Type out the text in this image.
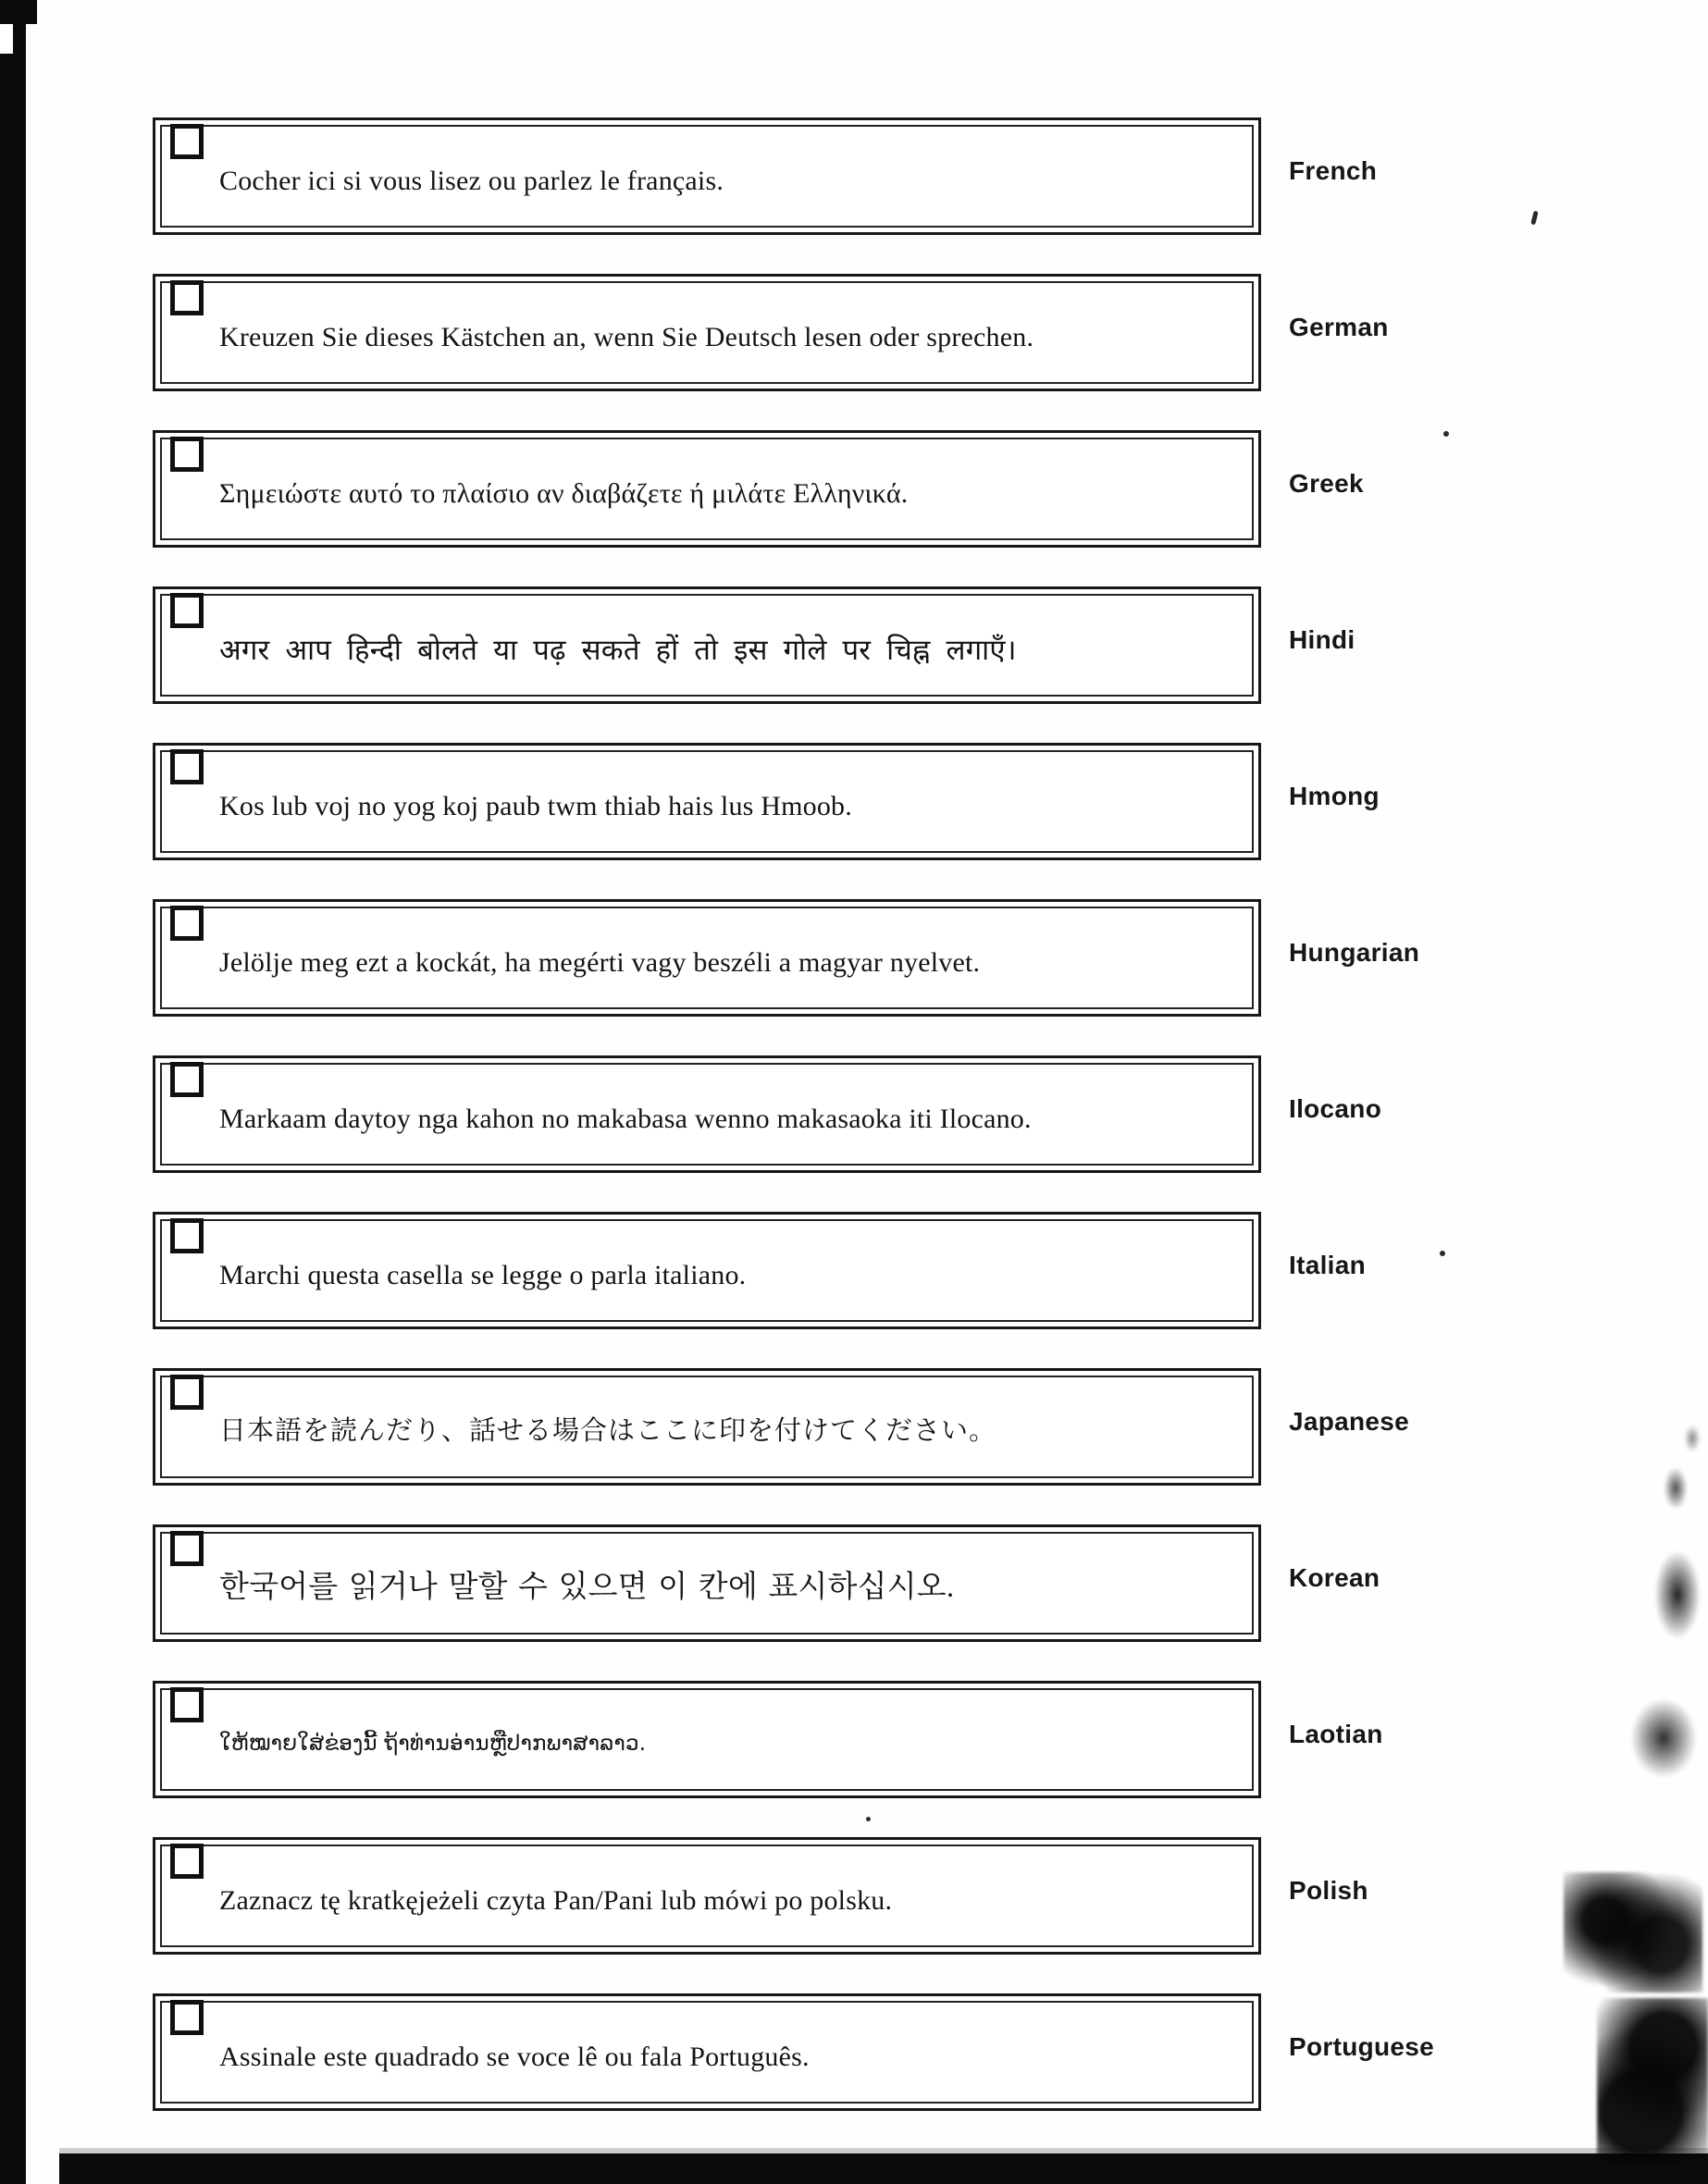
Cocher ici si vous lisez ou parlez le français.	French
Kreuzen Sie dieses Kästchen an, wenn Sie Deutsch lesen oder sprechen.	German
Σημειώστε αυτό το πλαίσιο αν διαβάζετε ή μιλάτε Ελληνικά.	Greek
अगर आप हिन्दी बोलते या पढ़ सकते हों तो इस गोले पर चिह्न लगाएँ।	Hindi
Kos lub voj no yog koj paub twm thiab hais lus Hmoob.	Hmong
Jelölje meg ezt a kockát, ha megérti vagy beszéli a magyar nyelvet.	Hungarian
Markaam daytoy nga kahon no makabasa wenno makasaoka iti Ilocano.	Ilocano
Marchi questa casella se legge o parla italiano.	Italian
日本語を読んだり、話せる場合はここに印を付けてください。	Japanese
한국어를 읽거나 말할 수 있으면 이 칸에 표시하십시오.	Korean
ໃຫ້ໝາຍໃສ່ຂ່ອງນີ້ ຖ້າທ່ານອ່ານຫຼືປາກພາສາລາວ.	Laotian
Zaznacz tę kratkęjeżeli czyta Pan/Pani lub mówi po polsku.	Polish
Assinale este quadrado se voce lê ou fala Português.	Portuguese
